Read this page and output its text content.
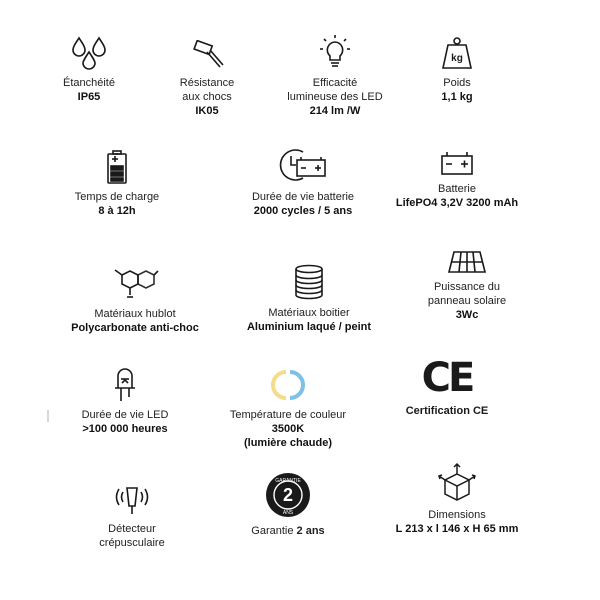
Étanchéité
IP65
Résistance
aux chocs
IK05
Efficacité
lumineuse des LED
214 lm /W
kg
Poids
1,1 kg
Temps de charge
8 à 12h
Durée de vie batterie
2000 cycles / 5 ans
Batterie
LifePO4 3,2V 3200 mAh
Matériaux hublot
Polycarbonate anti-choc
Matériaux boitier
Aluminium laqué / peint
Puissance du
panneau solaire
3Wc
Durée de vie LED
>100 000 heures
Température de couleur
3500K
(lumière chaude)
CE
Certification CE
Détecteur
crépusculaire
GARANTIE
2
ANS
Garantie 2 ans
Dimensions
L 213 x l 146 x H 65 mm
